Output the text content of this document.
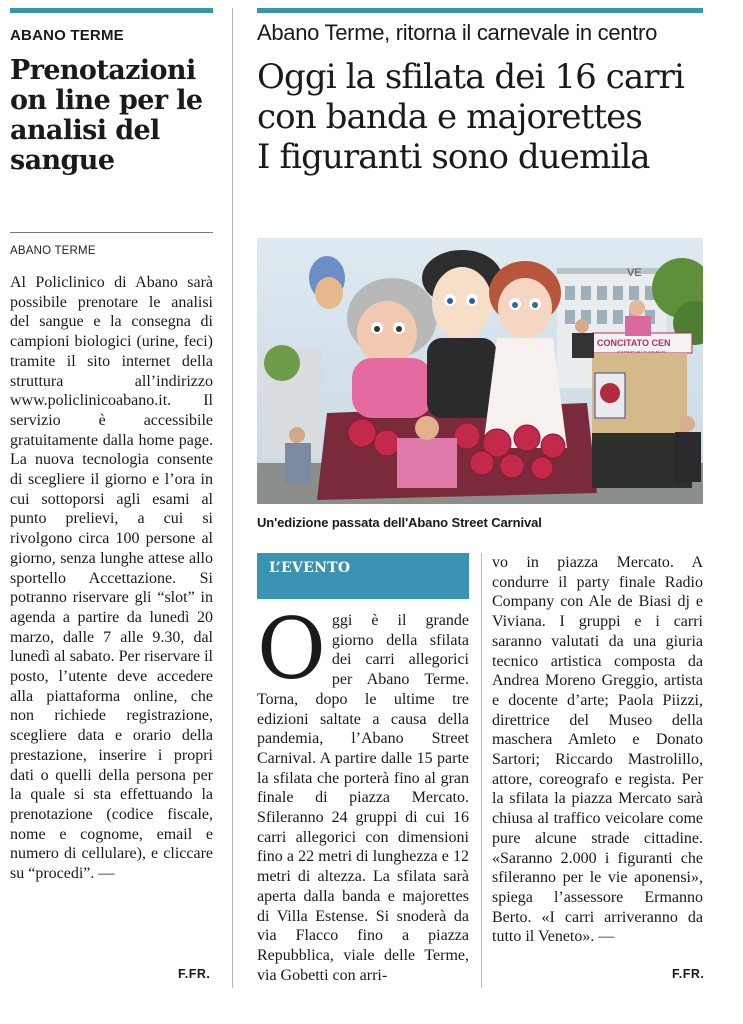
ABANO TERME
Prenotazioni on line per le analisi del sangue
ABANO TERME

Al Policlinico di Abano sarà possibile prenotare le analisi del sangue e la consegna di campioni biologici (urine, feci) tramite il sito internet della struttura all’indirizzo www.policlinicoabano.it. Il servizio è accessibile gratuitamente dalla home page. La nuova tecnologia consente di scegliere il giorno e l’ora in cui sottoporsi agli esami al punto prelievi, a cui si rivolgono circa 100 persone al giorno, senza lunghe attese allo sportello Accettazione. Si potranno riservare gli “slot” in agenda a partire da lunedì 20 marzo, dalle 7 alle 9.30, dal lunedì al sabato. Per riservare il posto, l’utente deve accedere alla piattaforma online, che non richiede registrazione, scegliere data e orario della prestazione, inserire i propri dati o quelli della persona per la quale si sta effettuando la prenotazione (codice fiscale, nome e cognome, email e numero di cellulare), e cliccare su “procedi”. —

F.FR.
Abano Terme, ritorna il carnevale in centro
Oggi la sfilata dei 16 carri
con banda e majorettes
I figuranti sono duemila
VE
CONCITATO CEN
Un'edizione passata dell'Abano Street Carnival
L’EVENTO

Oggi è il grande giorno della sfilata dei carri allegorici per Abano Terme. Torna, dopo le ultime tre edizioni saltate a causa della pandemia, l’Abano Street Carnival. A partire dalle 15 parte la sfilata che porterà fino al gran finale di piazza Mercato. Sfileranno 24 gruppi di cui 16 carri allegorici con dimensioni fino a 22 metri di lunghezza e 12 metri di altezza. La sfilata sarà aperta dalla banda e majorettes di Villa Estense. Si snoderà da via Flacco fino a piazza Repubblica, viale delle Terme, via Gobetti con arri-

vo in piazza Mercato. A condurre il party finale Radio Company con Ale de Biasi dj e Viviana. I gruppi e i carri saranno valutati da una giuria tecnico artistica composta da Andrea Moreno Greggio, artista e docente d’arte; Paola Piizzi, direttrice del Museo della maschera Amleto e Donato Sartori; Riccardo Mastrolillo, attore, coreografo e regista. Per la sfilata la piazza Mercato sarà chiusa al traffico veicolare come pure alcune strade cittadine. «Saranno 2.000 i figuranti che sfileranno per le vie aponensi», spiega l’assessore Ermanno Berto. «I carri arriveranno da tutto il Veneto». —

F.FR.
